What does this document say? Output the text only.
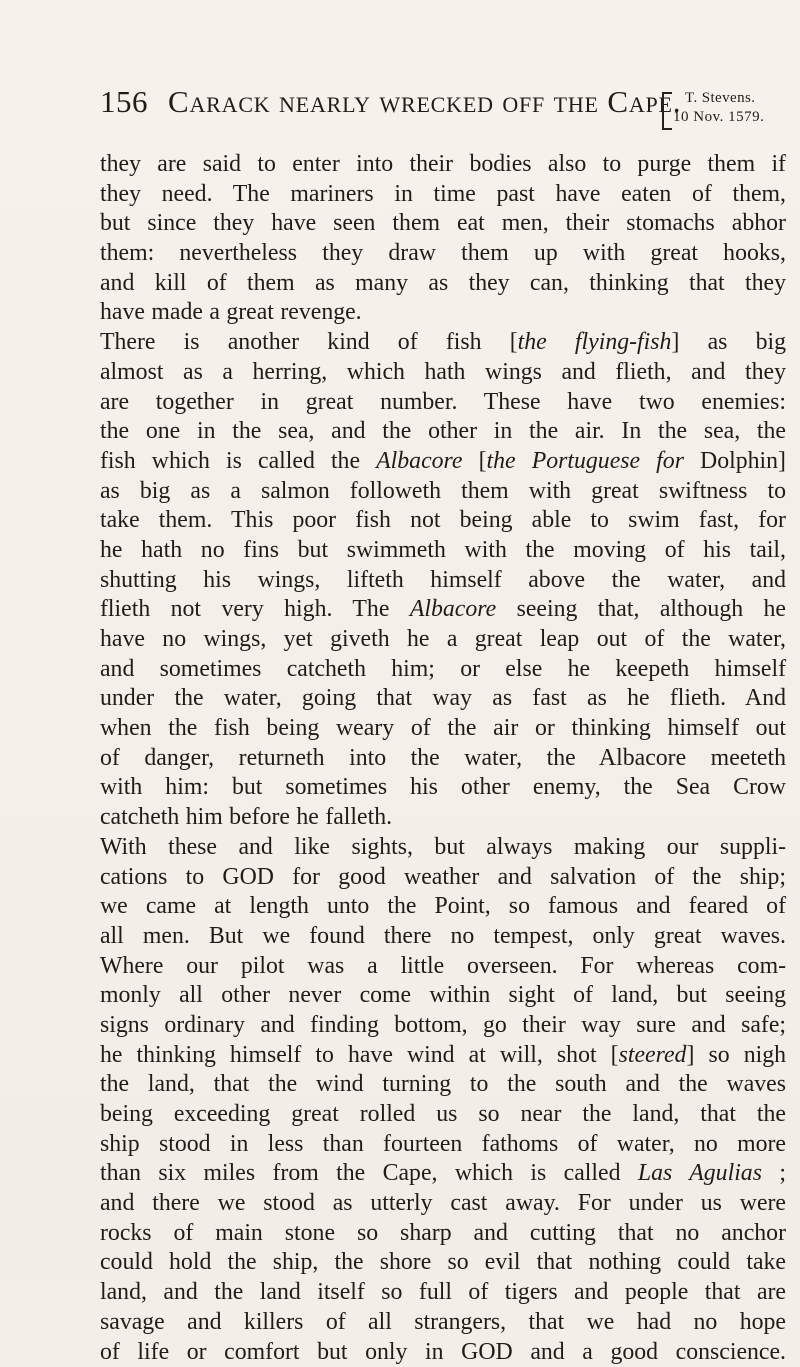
156 Carack nearly wrecked off the Cape. T. Stevens.
10 Nov. 1579.
they are said to enter into their bodies also to purge them if
they need. The mariners in time past have eaten of them,
but since they have seen them eat men, their stomachs abhor
them: nevertheless they draw them up with great hooks,
and kill of them as many as they can, thinking that they
have made a great revenge.
There is another kind of fish [the flying-fish] as big
almost as a herring, which hath wings and flieth, and they
are together in great number. These have two enemies:
the one in the sea, and the other in the air. In the sea, the
fish which is called the Albacore [the Portuguese for Dolphin]
as big as a salmon followeth them with great swiftness to
take them. This poor fish not being able to swim fast, for
he hath no fins but swimmeth with the moving of his tail,
shutting his wings, lifteth himself above the water, and
flieth not very high. The Albacore seeing that, although he
have no wings, yet giveth he a great leap out of the water,
and sometimes catcheth him; or else he keepeth himself
under the water, going that way as fast as he flieth. And
when the fish being weary of the air or thinking himself out
of danger, returneth into the water, the Albacore meeteth
with him: but sometimes his other enemy, the Sea Crow
catcheth him before he falleth.
With these and like sights, but always making our suppli-
cations to GOD for good weather and salvation of the ship;
we came at length unto the Point, so famous and feared of
all men. But we found there no tempest, only great waves.
Where our pilot was a little overseen. For whereas com-
monly all other never come within sight of land, but seeing
signs ordinary and finding bottom, go their way sure and safe;
he thinking himself to have wind at will, shot [steered] so nigh
the land, that the wind turning to the south and the waves
being exceeding great rolled us so near the land, that the
ship stood in less than fourteen fathoms of water, no more
than six miles from the Cape, which is called Las Agulias ;
and there we stood as utterly cast away. For under us were
rocks of main stone so sharp and cutting that no anchor
could hold the ship, the shore so evil that nothing could take
land, and the land itself so full of tigers and people that are
savage and killers of all strangers, that we had no hope
of life or comfort but only in GOD and a good conscience.
